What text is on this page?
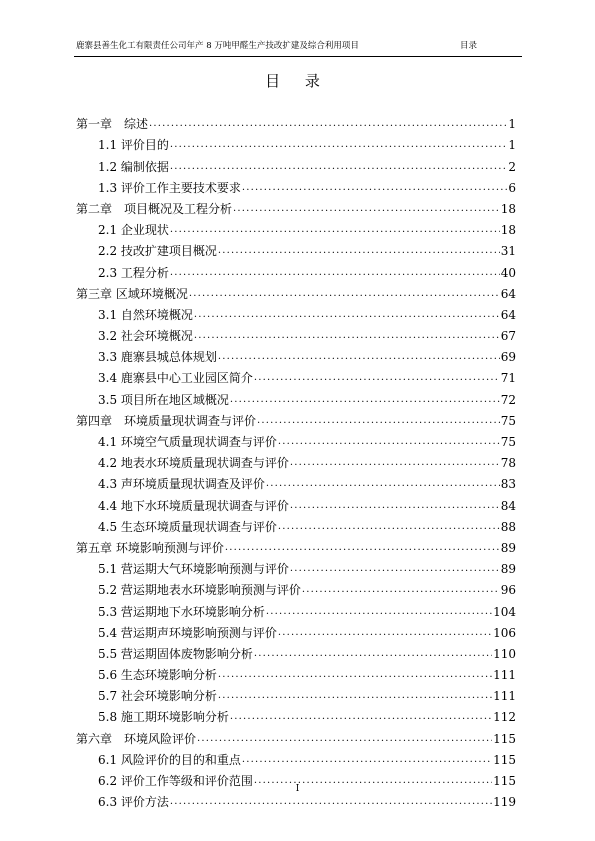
鹿寨县善生化工有限责任公司年产 8 万吨甲醛生产技改扩建及综合利用项目	目录
目 录
第一章　综述 .....	1
1.1 评价目的 .....	1
1.2 编制依据 .....	2
1.3 评价工作主要技术要求 .....	6
第二章　项目概况及工程分析 .....	18
2.1 企业现状 .....	18
2.2 技改扩建项目概况 .....	31
2.3 工程分析 .....	40
第三章 区域环境概况 .....	64
3.1 自然环境概况 .....	64
3.2 社会环境概况 .....	67
3.3 鹿寨县城总体规划 .....	69
3.4 鹿寨县中心工业园区简介 .....	71
3.5 项目所在地区域概况 .....	72
第四章　环境质量现状调查与评价 .....	75
4.1 环境空气质量现状调查与评价 .....	75
4.2 地表水环境质量现状调查与评价 .....	78
4.3 声环境质量现状调查及评价 .....	83
4.4 地下水环境质量现状调查与评价 .....	84
4.5 生态环境质量现状调查与评价 .....	88
第五章 环境影响预测与评价 .....	89
5.1 营运期大气环境影响预测与评价 .....	89
5.2 营运期地表水环境影响预测与评价 .....	96
5.3 营运期地下水环境影响分析 .....	104
5.4 营运期声环境影响预测与评价 .....	106
5.5 营运期固体废物影响分析 .....	110
5.6 生态环境影响分析 .....	111
5.7 社会环境影响分析 .....	111
5.8 施工期环境影响分析 .....	112
第六章　环境风险评价 .....	115
6.1 风险评价的目的和重点 .....	115
6.2 评价工作等级和评价范围 .....	115
6.3 评价方法 .....	119
I
